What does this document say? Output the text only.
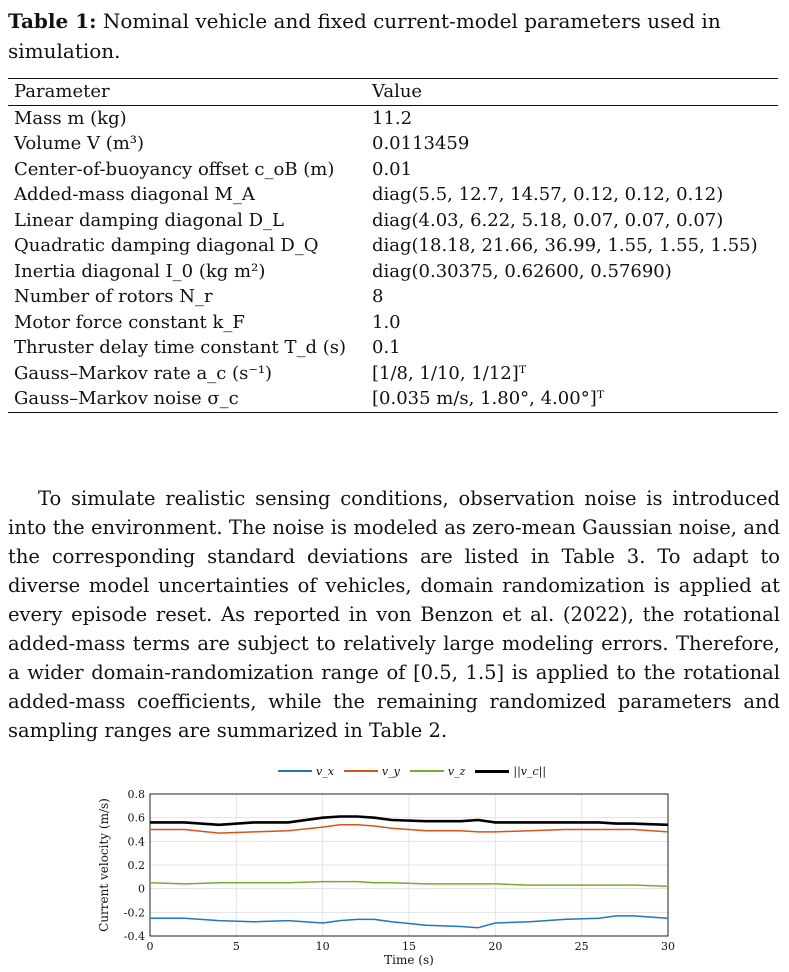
Table 1: Nominal vehicle and fixed current-model parameters used in simulation.
Parameter	Value
Mass m (kg)	11.2
Volume V (m³)	0.0113459
Center-of-buoyancy offset c_oB (m)	0.01
Added-mass diagonal M_A	diag(5.5, 12.7, 14.57, 0.12, 0.12, 0.12)
Linear damping diagonal D_L	diag(4.03, 6.22, 5.18, 0.07, 0.07, 0.07)
Quadratic damping diagonal D_Q	diag(18.18, 21.66, 36.99, 1.55, 1.55, 1.55)
Inertia diagonal I_0 (kg m²)	diag(0.30375, 0.62600, 0.57690)
Number of rotors N_r	8
Motor force constant k_F	1.0
Thruster delay time constant T_d (s)	0.1
Gauss–Markov rate a_c (s⁻¹)	[1/8, 1/10, 1/12]ᵀ
Gauss–Markov noise σ_c	[0.035 m/s, 1.80°, 4.00°]ᵀ

To simulate realistic sensing conditions, observation noise is introduced into the environment. The noise is modeled as zero-mean Gaussian noise, and the corresponding standard deviations are listed in Table 3. To adapt to diverse model uncertainties of vehicles, domain randomization is applied at every episode reset. As reported in von Benzon et al. (2022), the rotational added-mass terms are subject to relatively large modeling errors. Therefore, a wider domain-randomization range of [0.5, 1.5] is applied to the rotational added-mass coefficients, while the remaining randomized parameters and sampling ranges are summarized in Table 2.

v_x	v_y	v_z	||v_c||
0	5	10	15	20	25	30
-0.4
-0.2
0
0.2
0.4
0.6
0.8
Time (s)
Current velocity (m/s)
